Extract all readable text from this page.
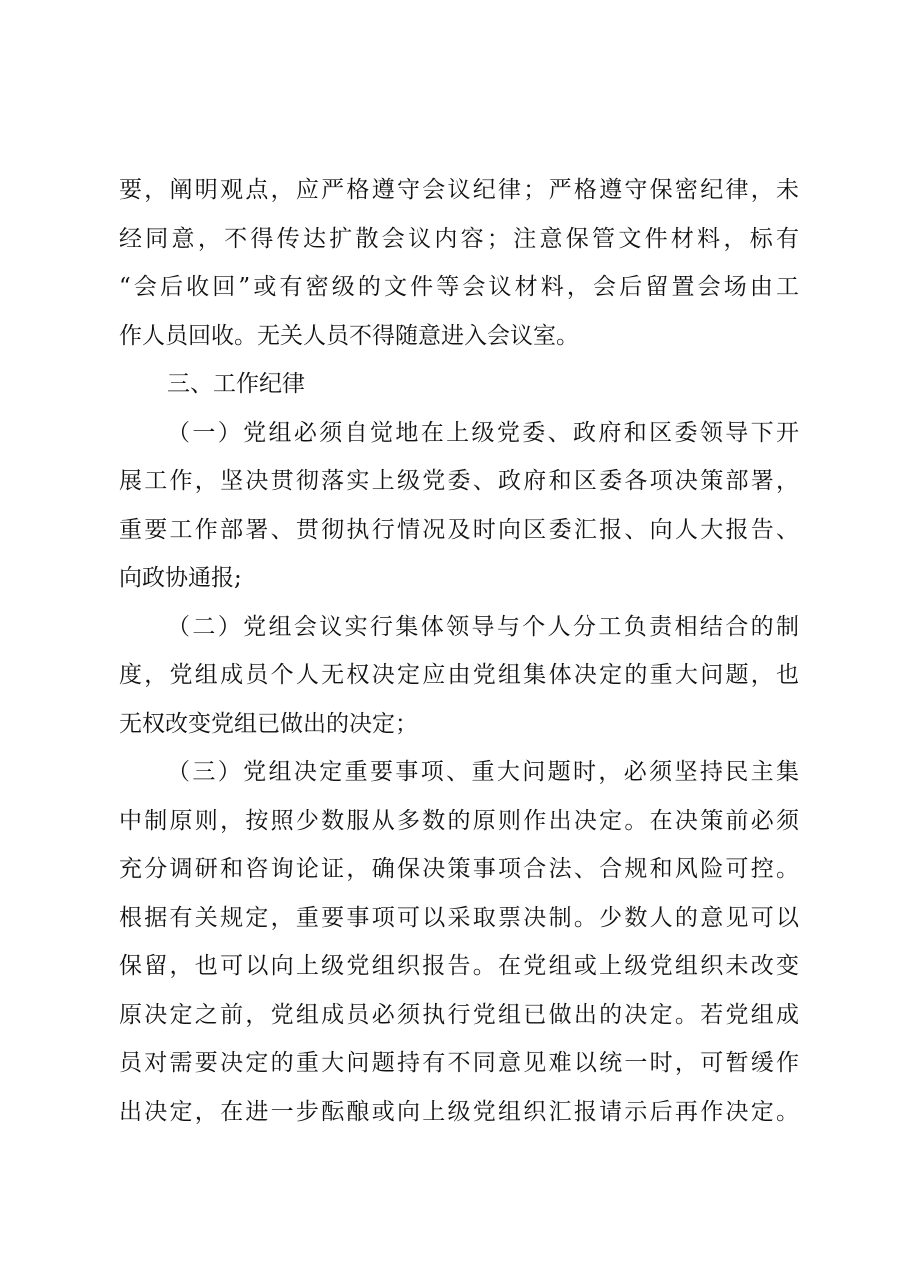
要，阐明观点，应严格遵守会议纪律；严格遵守保密纪律，未
经同意，不得传达扩散会议内容；注意保管文件材料，标有
“会后收回”或有密级的文件等会议材料，会后留置会场由工
作人员回收。无关人员不得随意进入会议室。
三、工作纪律
（一）党组必须自觉地在上级党委、政府和区委领导下开
展工作，坚决贯彻落实上级党委、政府和区委各项决策部署，
重要工作部署、贯彻执行情况及时向区委汇报、向人大报告、
向政协通报;
（二）党组会议实行集体领导与个人分工负责相结合的制
度，党组成员个人无权决定应由党组集体决定的重大问题，也
无权改变党组已做出的决定；
（三）党组决定重要事项、重大问题时，必须坚持民主集
中制原则，按照少数服从多数的原则作出决定。在决策前必须
充分调研和咨询论证，确保决策事项合法、合规和风险可控。
根据有关规定，重要事项可以采取票决制。少数人的意见可以
保留，也可以向上级党组织报告。在党组或上级党组织未改变
原决定之前，党组成员必须执行党组已做出的决定。若党组成
员对需要决定的重大问题持有不同意见难以统一时，可暂缓作
出决定，在进一步酝酿或向上级党组织汇报请示后再作决定。
